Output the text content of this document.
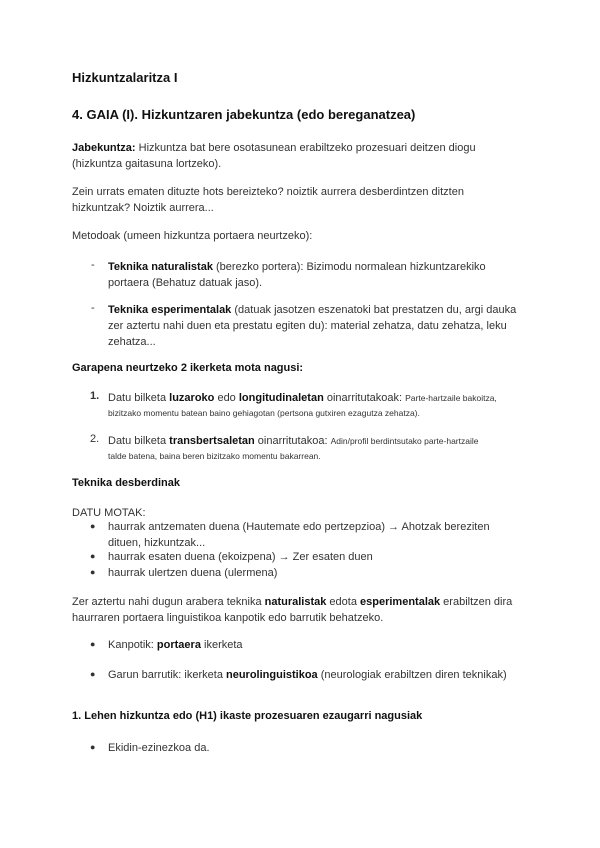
Hizkuntzalaritza I
4. GAIA (I). Hizkuntzaren jabekuntza (edo bereganatzea)
Jabekuntza: Hizkuntza bat bere osotasunean erabiltzeko prozesuari deitzen diogu
(hizkuntza gaitasuna lortzeko).
Zein urrats ematen dituzte hots bereizteko? noiztik aurrera desberdintzen ditzten
hizkuntzak? Noiztik aurrera...
Metodoak (umeen hizkuntza portaera neurtzeko):
- Teknika naturalistak (berezko portera): Bizimodu normalean hizkuntzarekiko
portaera (Behatuz datuak jaso).
- Teknika esperimentalak (datuak jasotzen eszenatoki bat prestatzen du, argi dauka
zer aztertu nahi duen eta prestatu egiten du): material zehatza, datu zehatza, leku
zehatza...
Garapena neurtzeko 2 ikerketa mota nagusi:
1. Datu bilketa luzaroko edo longitudinaletan oinarritutakoak: Parte-hartzaile bakoitza,
bizitzako momentu batean baino gehiagotan (pertsona gutxiren ezagutza zehatza).
2. Datu bilketa transbertsaletan oinarritutakoa: Adin/profil berdintsutako parte-hartzaile
talde batena, baina beren bizitzako momentu bakarrean.
Teknika desberdinak
DATU MOTAK:
● haurrak antzematen duena (Hautemate edo pertzepzioa) → Ahotzak bereziten
dituen, hizkuntzak...
● haurrak esaten duena (ekoizpena) → Zer esaten duen
● haurrak ulertzen duena (ulermena)
Zer aztertu nahi dugun arabera teknika naturalistak edota esperimentalak erabiltzen dira
haurraren portaera linguistikoa kanpotik edo barrutik behatzeko.
● Kanpotik: portaera ikerketa
● Garun barrutik: ikerketa neurolinguistikoa (neurologiak erabiltzen diren teknikak)
1. Lehen hizkuntza edo (H1) ikaste prozesuaren ezaugarri nagusiak
● Ekidin-ezinezkoa da.
